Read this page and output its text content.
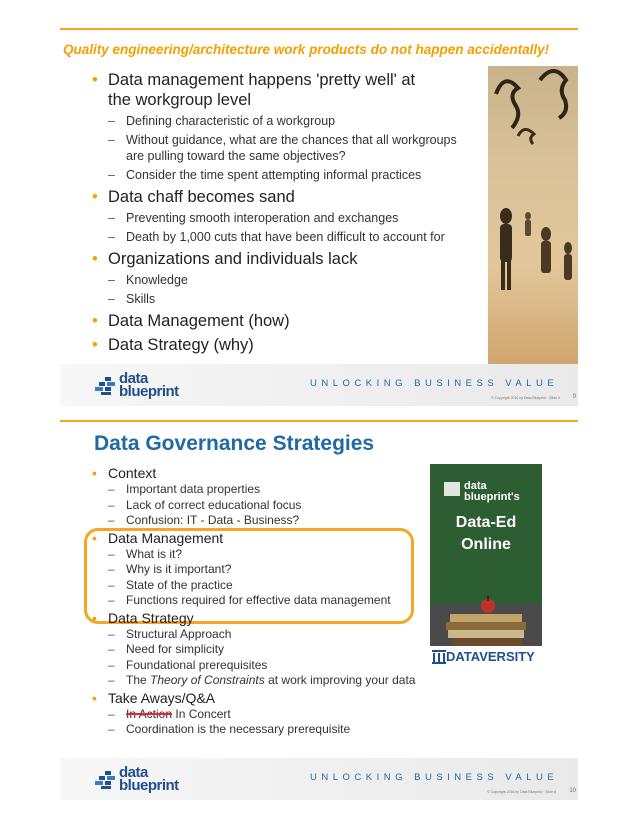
Quality engineering/architecture work products do not happen accidentally!
• Data management happens 'pretty well' at the workgroup level
– Defining characteristic of a workgroup
– Without guidance, what are the chances that all workgroups are pulling toward the same objectives?
– Consider the time spent attempting informal practices
• Data chaff becomes sand
– Preventing smooth interoperation and exchanges
– Death by 1,000 cuts that have been difficult to account for
• Organizations and individuals lack
– Knowledge
– Skills
• Data Management (how)
• Data Strategy (why)
data
blueprint	UNLOCKING BUSINESS VALUE
© Copyright 2016 by Data Blueprint · Slide # 9
Data Governance Strategies
data
blueprint's
Data-Ed
Online
DATAVERSITY
• Context
– Important data properties
– Lack of correct educational focus
– Confusion: IT - Data - Business?
• Data Management
– What is it?
– Why is it important?
– State of the practice
– Functions required for effective data management
• Data Strategy
– Structural Approach
– Need for simplicity
– Foundational prerequisites
– The Theory of Constraints at work improving your data
• Take Aways/Q&A
– In Action In Concert
– Coordination is the necessary prerequisite
data
blueprint	UNLOCKING BUSINESS VALUE
© Copyright 2016 by Data Blueprint · Slide # 10
